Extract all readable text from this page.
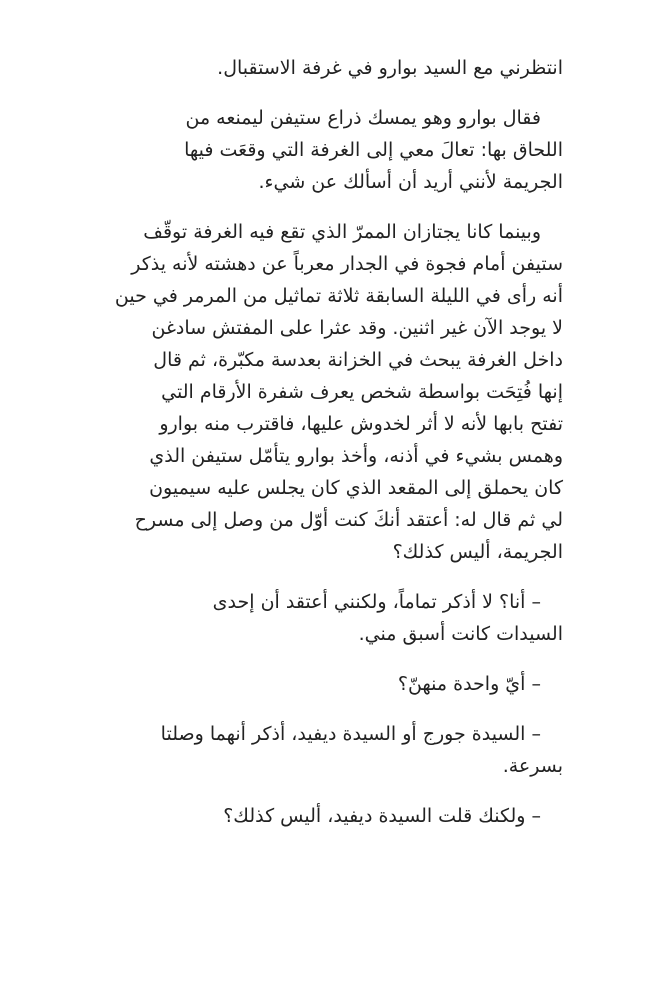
انتظرني مع السيد بوارو في غرفة الاستقبال.

فقال بوارو وهو يمسك ذراع ستيفن ليمنعه من
اللحاق بها: تعالَ معي إلى الغرفة التي وقعَت فيها
الجريمة لأنني أريد أن أسألك عن شيء.

وبينما كانا يجتازان الممرّ الذي تقع فيه الغرفة توقّف
ستيفن أمام فجوة في الجدار معرباً عن دهشته لأنه يذكر
أنه رأى في الليلة السابقة ثلاثة تماثيل من المرمر في حين
لا يوجد الآن غير اثنين. وقد عثرا على المفتش سادغن
داخل الغرفة يبحث في الخزانة بعدسة مكبّرة، ثم قال
إنها فُتِحَت بواسطة شخص يعرف شفرة الأرقام التي
تفتح بابها لأنه لا أثر لخدوش عليها، فاقترب منه بوارو
وهمس بشيء في أذنه، وأخذ بوارو يتأمّل ستيفن الذي
كان يحملق إلى المقعد الذي كان يجلس عليه سيميون
لي ثم قال له: أعتقد أنكَ كنت أوّل من وصل إلى مسرح
الجريمة، أليس كذلك؟

– أنا؟ لا أذكر تماماً، ولكنني أعتقد أن إحدى
السيدات كانت أسبق مني.

– أيّ واحدة منهنّ؟

– السيدة جورج أو السيدة ديفيد، أذكر أنهما وصلتا
بسرعة.

– ولكنك قلت السيدة ديفيد، أليس كذلك؟
